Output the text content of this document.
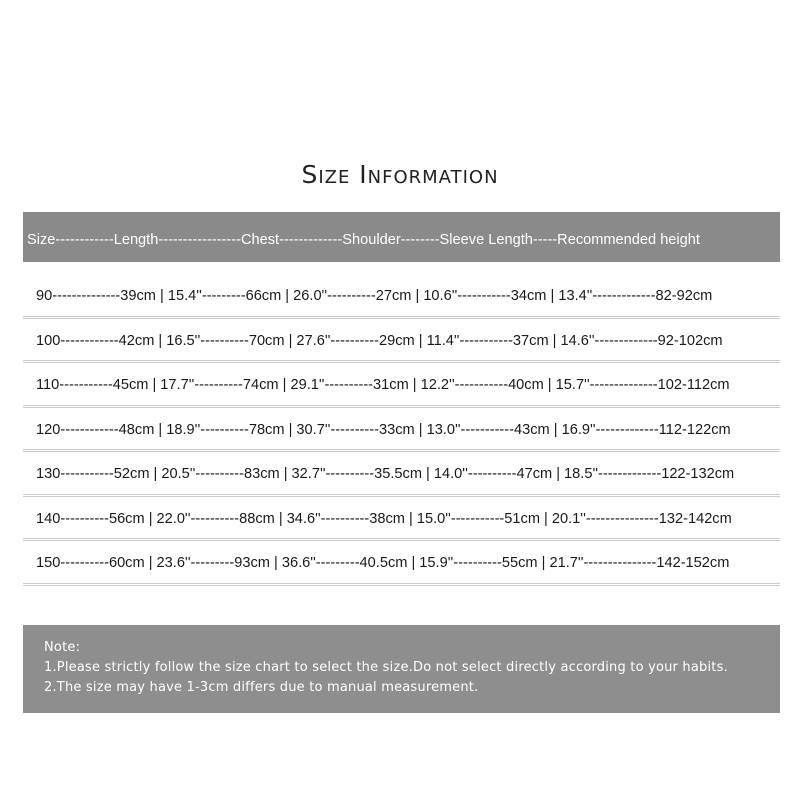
Size Information
Size------------Length-----------------Chest-------------Shoulder--------Sleeve Length-----Recommended height
90--------------39cm | 15.4''---------66cm | 26.0''----------27cm | 10.6''-----------34cm | 13.4''-------------82-92cm
100------------42cm | 16.5''----------70cm | 27.6''----------29cm | 11.4''-----------37cm | 14.6''-------------92-102cm
110-----------45cm | 17.7''----------74cm | 29.1''----------31cm | 12.2''-----------40cm | 15.7''--------------102-112cm
120------------48cm | 18.9''----------78cm | 30.7''----------33cm | 13.0''-----------43cm | 16.9''-------------112-122cm
130-----------52cm | 20.5''----------83cm | 32.7''----------35.5cm | 14.0''----------47cm | 18.5''-------------122-132cm
140----------56cm | 22.0''----------88cm | 34.6''----------38cm | 15.0''-----------51cm | 20.1''---------------132-142cm
150----------60cm | 23.6''---------93cm | 36.6''---------40.5cm | 15.9''----------55cm | 21.7''---------------142-152cm
Note:
1.Please strictly follow the size chart to select the size.Do not select directly according to your habits.
2.The size may have 1-3cm differs due to manual measurement.
